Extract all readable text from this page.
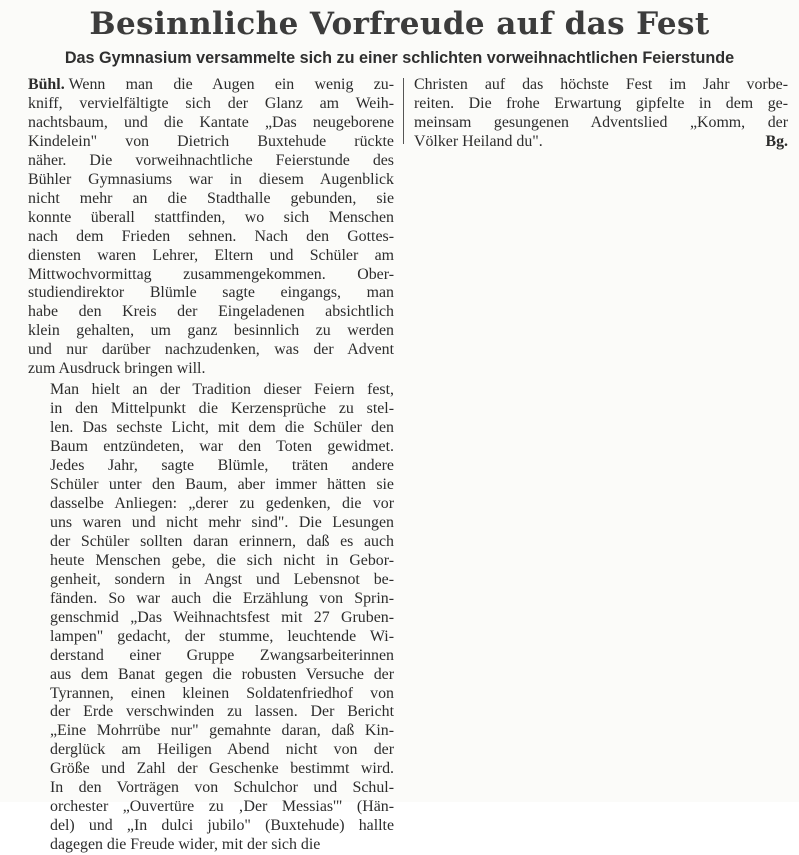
Besinnliche Vorfreude auf das Fest
Das Gymnasium versammelte sich zu einer schlichten vorweihnachtlichen Feierstunde

Bühl. Wenn man die Augen ein wenig zu-
kniff, vervielfältigte sich der Glanz am Weih-
nachtsbaum, und die Kantate „Das neugeborene
Kindelein" von Dietrich Buxtehude rückte
näher. Die vorweihnachtliche Feierstunde des
Bühler Gymnasiums war in diesem Augenblick
nicht mehr an die Stadthalle gebunden, sie
konnte überall stattfinden, wo sich Menschen
nach dem Frieden sehnen. Nach den Gottes-
diensten waren Lehrer, Eltern und Schüler am
Mittwochvormittag zusammengekommen. Ober-
studiendirektor Blümle sagte eingangs, man
habe den Kreis der Eingeladenen absichtlich
klein gehalten, um ganz besinnlich zu werden
und nur darüber nachzudenken, was der Advent
zum Ausdruck bringen will.

Man hielt an der Tradition dieser Feiern fest,
in den Mittelpunkt die Kerzensprüche zu stel-
len. Das sechste Licht, mit dem die Schüler den
Baum entzündeten, war den Toten gewidmet.
Jedes Jahr, sagte Blümle, träten andere
Schüler unter den Baum, aber immer hätten sie
dasselbe Anliegen: „derer zu gedenken, die vor
uns waren und nicht mehr sind". Die Lesungen
der Schüler sollten daran erinnern, daß es auch
heute Menschen gebe, die sich nicht in Gebor-
genheit, sondern in Angst und Lebensnot be-
fänden. So war auch die Erzählung von Sprin-
genschmid „Das Weihnachtsfest mit 27 Gruben-
lampen" gedacht, der stumme, leuchtende Wi-
derstand einer Gruppe Zwangsarbeiterinnen
aus dem Banat gegen die robusten Versuche der
Tyrannen, einen kleinen Soldatenfriedhof von
der Erde verschwinden zu lassen. Der Bericht
„Eine Mohrrübe nur" gemahnte daran, daß Kin-
derglück am Heiligen Abend nicht von der
Größe und Zahl der Geschenke bestimmt wird.
In den Vorträgen von Schulchor und Schul-
orchester „Ouvertüre zu ‚Der Messias'" (Hän-
del) und „In dulci jubilo" (Buxtehude) hallte
dagegen die Freude wider, mit der sich die

Christen auf das höchste Fest im Jahr vorbe-
reiten. Die frohe Erwartung gipfelte in dem ge-
meinsam gesungenen Adventslied „Komm, der
Bg.
Völker Heiland du".
